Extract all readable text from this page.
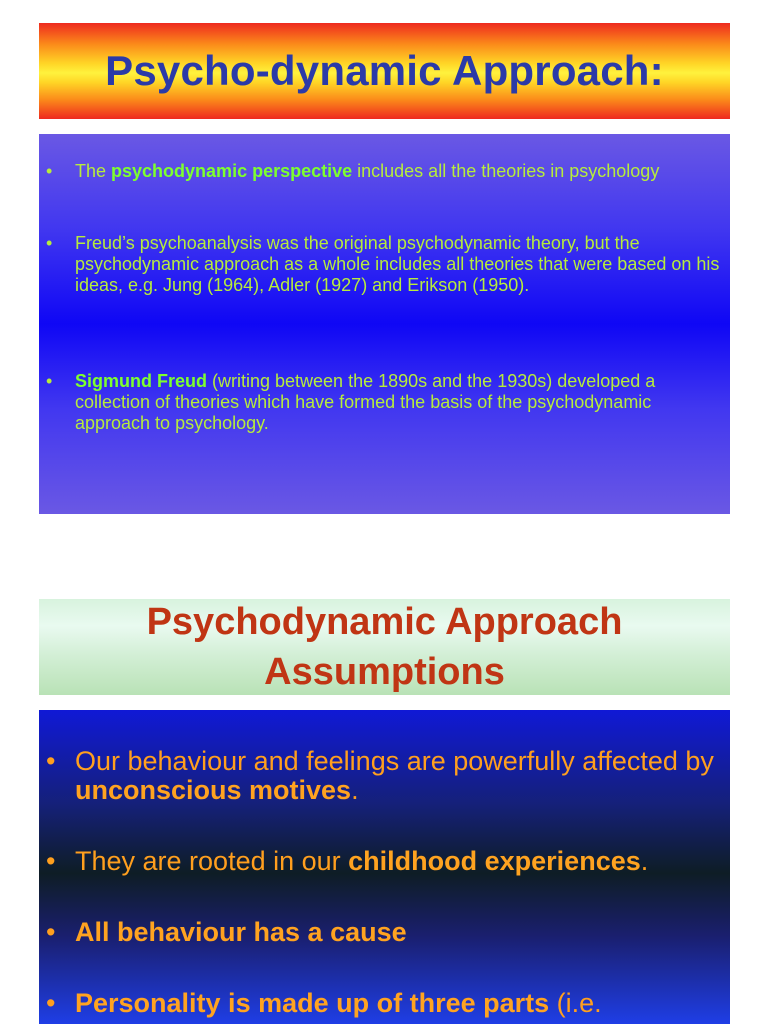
Psycho-dynamic Approach:
• The psychodynamic perspective includes all the theories in psychology
• Freud’s psychoanalysis was the original psychodynamic theory, but the psychodynamic approach as a whole includes all theories that were based on his ideas, e.g. Jung (1964), Adler (1927) and Erikson (1950).
• Sigmund Freud (writing between the 1890s and the 1930s) developed a collection of theories which have formed the basis of the psychodynamic approach to psychology.
Psychodynamic Approach
Assumptions
• Our behaviour and feelings are powerfully affected by unconscious motives.
• They are rooted in our childhood experiences.
• All behaviour has a cause
• Personality is made up of three parts (i.e.
